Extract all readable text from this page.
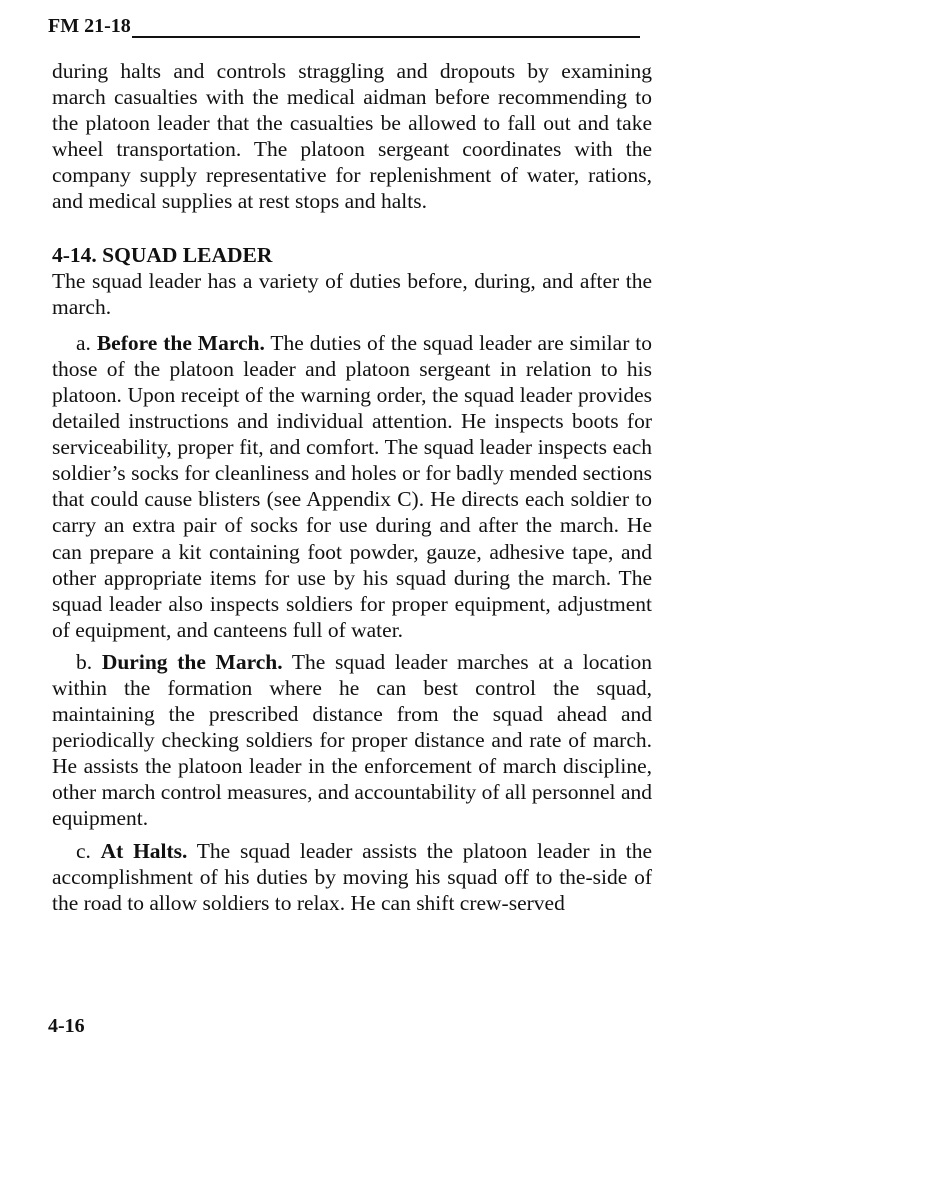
FM 21-18

during halts and controls straggling and dropouts by examining march casualties with the medical aidman before recommending to the platoon leader that the casualties be allowed to fall out and take wheel transportation. The platoon sergeant coordinates with the company supply representative for replenishment of water, rations, and medical supplies at rest stops and halts.

4-14. SQUAD LEADER

The squad leader has a variety of duties before, during, and after the march.

a. Before the March. The duties of the squad leader are similar to those of the platoon leader and platoon sergeant in relation to his platoon. Upon receipt of the warning order, the squad leader provides detailed instructions and individual attention. He inspects boots for serviceability, proper fit, and comfort. The squad leader inspects each soldier’s socks for cleanliness and holes or for badly mended sections that could cause blisters (see Appendix C). He directs each soldier to carry an extra pair of socks for use during and after the march. He can prepare a kit containing foot powder, gauze, adhesive tape, and other appropriate items for use by his squad during the march. The squad leader also inspects soldiers for proper equipment, adjustment of equipment, and canteens full of water.

b. During the March. The squad leader marches at a location within the formation where he can best control the squad, maintaining the prescribed distance from the squad ahead and periodically checking soldiers for proper distance and rate of march. He assists the platoon leader in the enforcement of march discipline, other march control measures, and accountability of all personnel and equipment.

c. At Halts. The squad leader assists the platoon leader in the accomplishment of his duties by moving his squad off to the-side of the road to allow soldiers to relax. He can shift crew-served

4-16
